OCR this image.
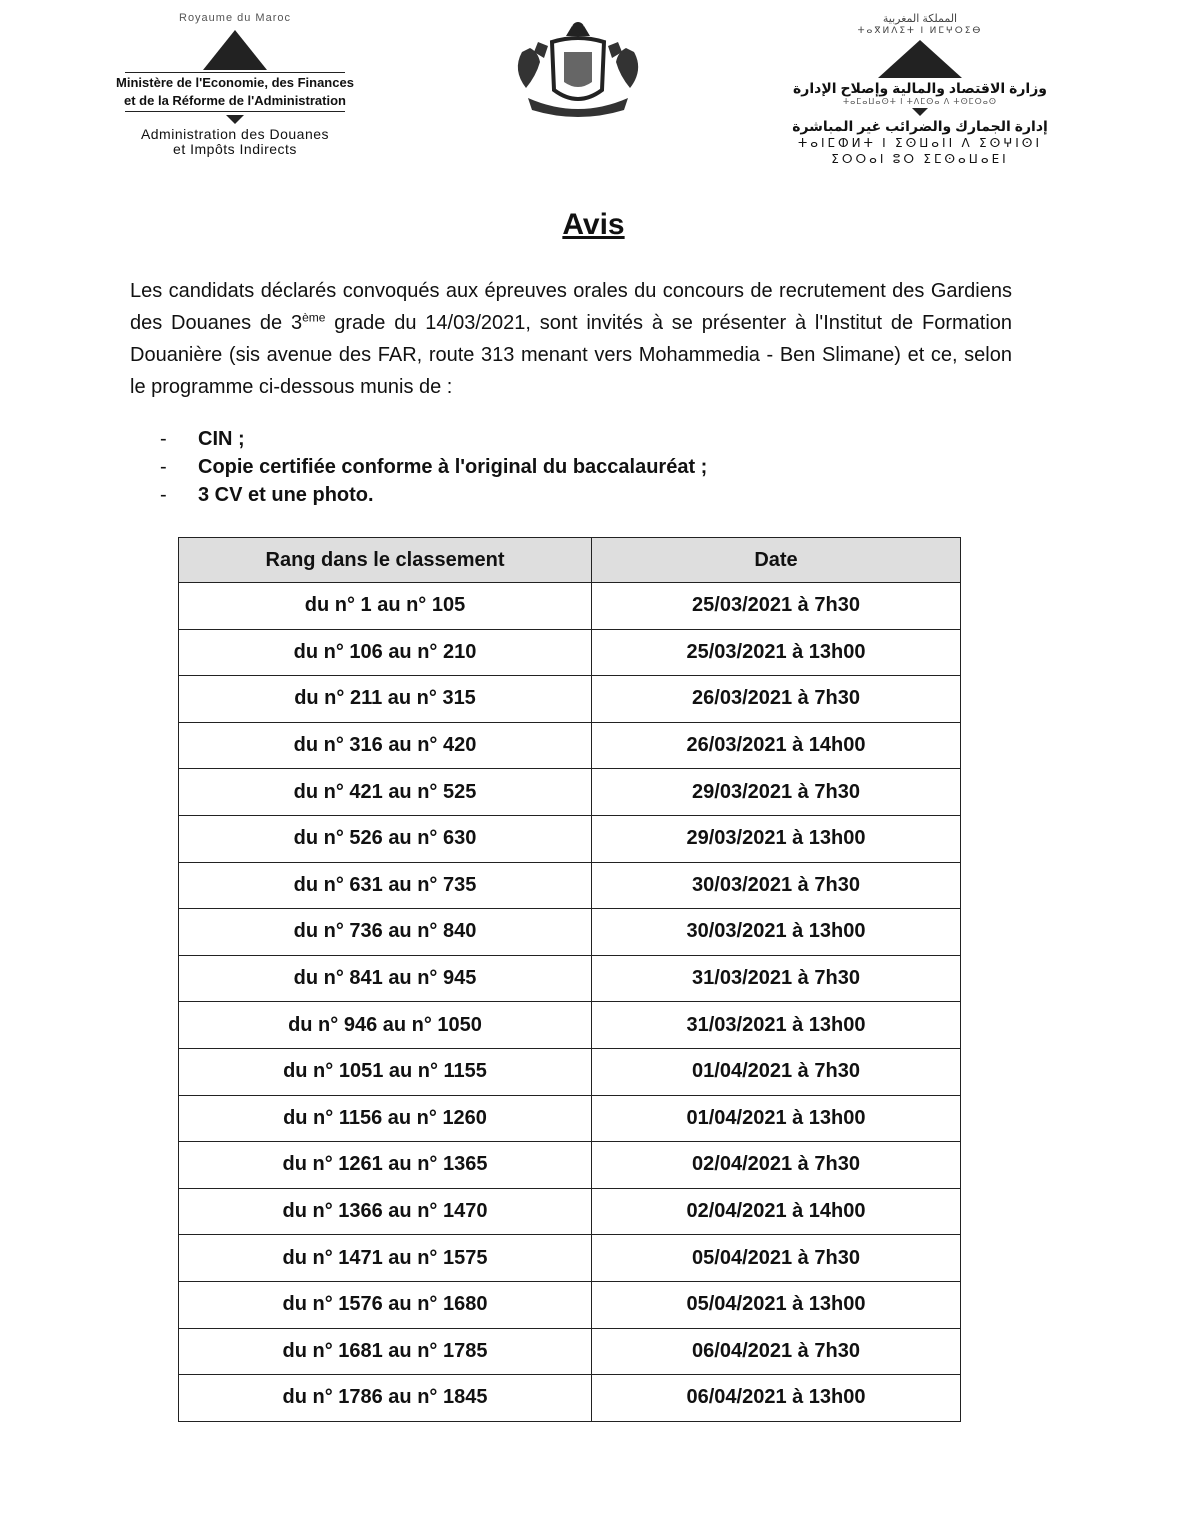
Royaume du Maroc
Ministère de l'Economie, des Finances
et de la Réforme de l'Administration
Administration des Douanes
et Impôts Indirects
المملكة المغربية
ⵜⴰⴳⵍⴷⵉⵜ ⵏ ⵍⵎⵖⵔⵉⴱ
وزارة الاقتصاد والمالية وإصلاح الإدارة
ⵜⴰⵎⴰⵡⴰⵙⵜ ⵏ ⵜⴷⵎⵙⴰ ⴷ ⵜⵙⵎⵔⴰⵙ
إدارة الجمارك والضرائب غير المباشرة
ⵜⴰⵏⵎⵀⵍⵜ ⵏ ⵉⵙⵡⴰⵏⵏ ⴷ ⵉⵙⵖⵏⵙⵏ
ⵉⵔⵔⴰⵏ ⵓⵔ ⵉⵎⵙⴰⵡⴰⴹⵏ
Avis

Les candidats déclarés convoqués aux épreuves orales du concours de recrutement des Gardiens des Douanes de 3ème grade du 14/03/2021, sont invités à se présenter à l'Institut de Formation Douanière (sis avenue des FAR, route 313 menant vers Mohammedia - Ben Slimane) et ce, selon le programme ci-dessous munis de :

- CIN ;
- Copie certifiée conforme à l'original du baccalauréat ;
- 3 CV et une photo.
Rang dans le classement	Date
du n° 1 au n° 105	25/03/2021 à 7h30
du n° 106 au n° 210	25/03/2021 à 13h00
du n° 211 au n° 315	26/03/2021 à 7h30
du n° 316 au n° 420	26/03/2021 à 14h00
du n° 421 au n° 525	29/03/2021 à 7h30
du n° 526 au n° 630	29/03/2021 à 13h00
du n° 631 au n° 735	30/03/2021 à 7h30
du n° 736 au n° 840	30/03/2021 à 13h00
du n° 841 au n° 945	31/03/2021 à 7h30
du n° 946 au n° 1050	31/03/2021 à 13h00
du n° 1051 au n° 1155	01/04/2021 à 7h30
du n° 1156 au n° 1260	01/04/2021 à 13h00
du n° 1261 au n° 1365	02/04/2021 à 7h30
du n° 1366 au n° 1470	02/04/2021 à 14h00
du n° 1471 au n° 1575	05/04/2021 à 7h30
du n° 1576 au n° 1680	05/04/2021 à 13h00
du n° 1681 au n° 1785	06/04/2021 à 7h30
du n° 1786 au n° 1845	06/04/2021 à 13h00
